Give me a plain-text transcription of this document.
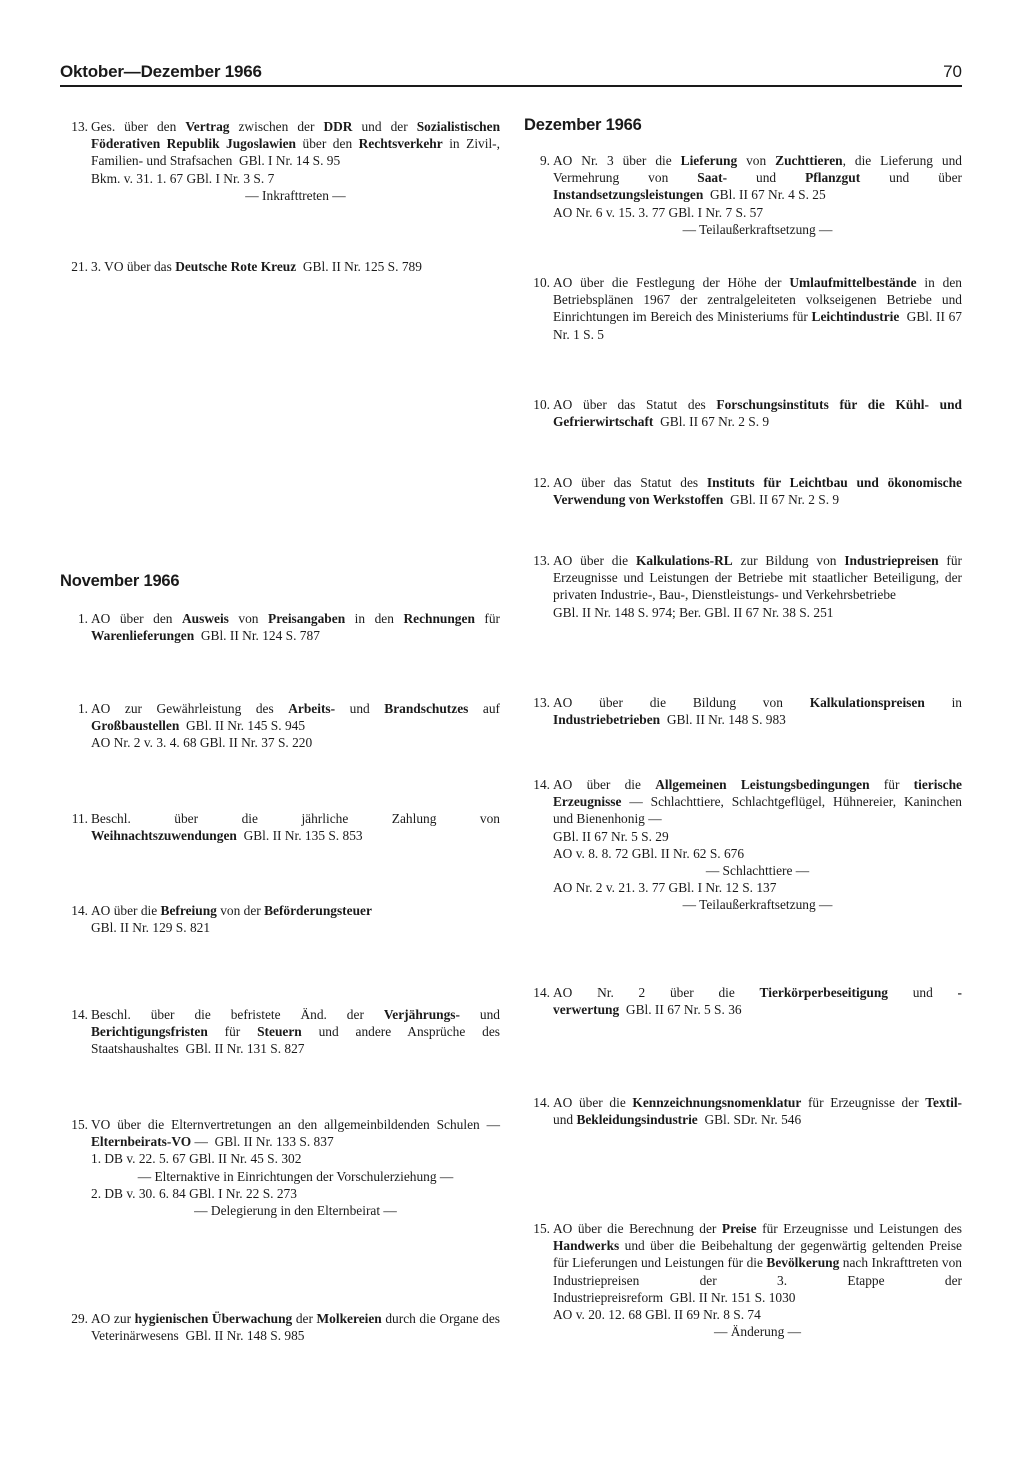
Oktober—Dezember 1966	70
13. Ges. über den Vertrag zwischen der DDR und der Sozialistischen Föderativen Republik Jugoslawien über den Rechtsverkehr in Zivil-, Familien- und Strafsachen GBl. I Nr. 14 S. 95
Bkm. v. 31. 1. 67 GBl. I Nr. 3 S. 7
— Inkrafttreten —
21. 3. VO über das Deutsche Rote Kreuz GBl. II Nr. 125 S. 789
November 1966
1. AO über den Ausweis von Preisangaben in den Rechnungen für Warenlieferungen GBl. II Nr. 124 S. 787
1. AO zur Gewährleistung des Arbeits- und Brandschutzes auf Großbaustellen GBl. II Nr. 145 S. 945
AO Nr. 2 v. 3. 4. 68 GBl. II Nr. 37 S. 220
11. Beschl. über die jährliche Zahlung von Weihnachtszuwendungen GBl. II Nr. 135 S. 853
14. AO über die Befreiung von der Beförderungsteuer
GBl. II Nr. 129 S. 821
14. Beschl. über die befristete Änd. der Verjährungs- und Berichtigungsfristen für Steuern und andere Ansprüche des Staatshaushaltes GBl. II Nr. 131 S. 827
15. VO über die Elternvertretungen an den allgemeinbildenden Schulen — Elternbeirats-VO — GBl. II Nr. 133 S. 837
1. DB v. 22. 5. 67 GBl. II Nr. 45 S. 302
— Elternaktive in Einrichtungen der Vorschulerziehung —
2. DB v. 30. 6. 84 GBl. I Nr. 22 S. 273
— Delegierung in den Elternbeirat —
29. AO zur hygienischen Überwachung der Molkereien durch die Organe des Veterinärwesens GBl. II Nr. 148 S. 985
Dezember 1966
9. AO Nr. 3 über die Lieferung von Zuchttieren, die Lieferung und Vermehrung von Saat- und Pflanzgut und über Instandsetzungsleistungen GBl. II 67 Nr. 4 S. 25
AO Nr. 6 v. 15. 3. 77 GBl. I Nr. 7 S. 57
— Teilaußerkraftsetzung —
10. AO über die Festlegung der Höhe der Umlaufmittelbestände in den Betriebsplänen 1967 der zentralgeleiteten volkseigenen Betriebe und Einrichtungen im Bereich des Ministeriums für Leichtindustrie GBl. II 67 Nr. 1 S. 5
10. AO über das Statut des Forschungsinstituts für die Kühl- und Gefrierwirtschaft GBl. II 67 Nr. 2 S. 9
12. AO über das Statut des Instituts für Leichtbau und ökonomische Verwendung von Werkstoffen GBl. II 67 Nr. 2 S. 9
13. AO über die Kalkulations-RL zur Bildung von Industriepreisen für Erzeugnisse und Leistungen der Betriebe mit staatlicher Beteiligung, der privaten Industrie-, Bau-, Dienstleistungs- und Verkehrsbetriebe
GBl. II Nr. 148 S. 974; Ber. GBl. II 67 Nr. 38 S. 251
13. AO über die Bildung von Kalkulationspreisen in Industriebetrieben GBl. II Nr. 148 S. 983
14. AO über die Allgemeinen Leistungsbedingungen für tierische Erzeugnisse — Schlachttiere, Schlachtgeflügel, Hühnereier, Kaninchen und Bienenhonig —
GBl. II 67 Nr. 5 S. 29
AO v. 8. 8. 72 GBl. II Nr. 62 S. 676
— Schlachttiere —
AO Nr. 2 v. 21. 3. 77 GBl. I Nr. 12 S. 137
— Teilaußerkraftsetzung —
14. AO Nr. 2 über die Tierkörperbeseitigung und -verwertung GBl. II 67 Nr. 5 S. 36
14. AO über die Kennzeichnungsnomenklatur für Erzeugnisse der Textil- und Bekleidungsindustrie GBl. SDr. Nr. 546
15. AO über die Berechnung der Preise für Erzeugnisse und Leistungen des Handwerks und über die Beibehaltung der gegenwärtig geltenden Preise für Lieferungen und Leistungen für die Bevölkerung nach Inkrafttreten von Industriepreisen der 3. Etappe der Industriepreisreform GBl. II Nr. 151 S. 1030
AO v. 20. 12. 68 GBl. II 69 Nr. 8 S. 74
— Änderung —
